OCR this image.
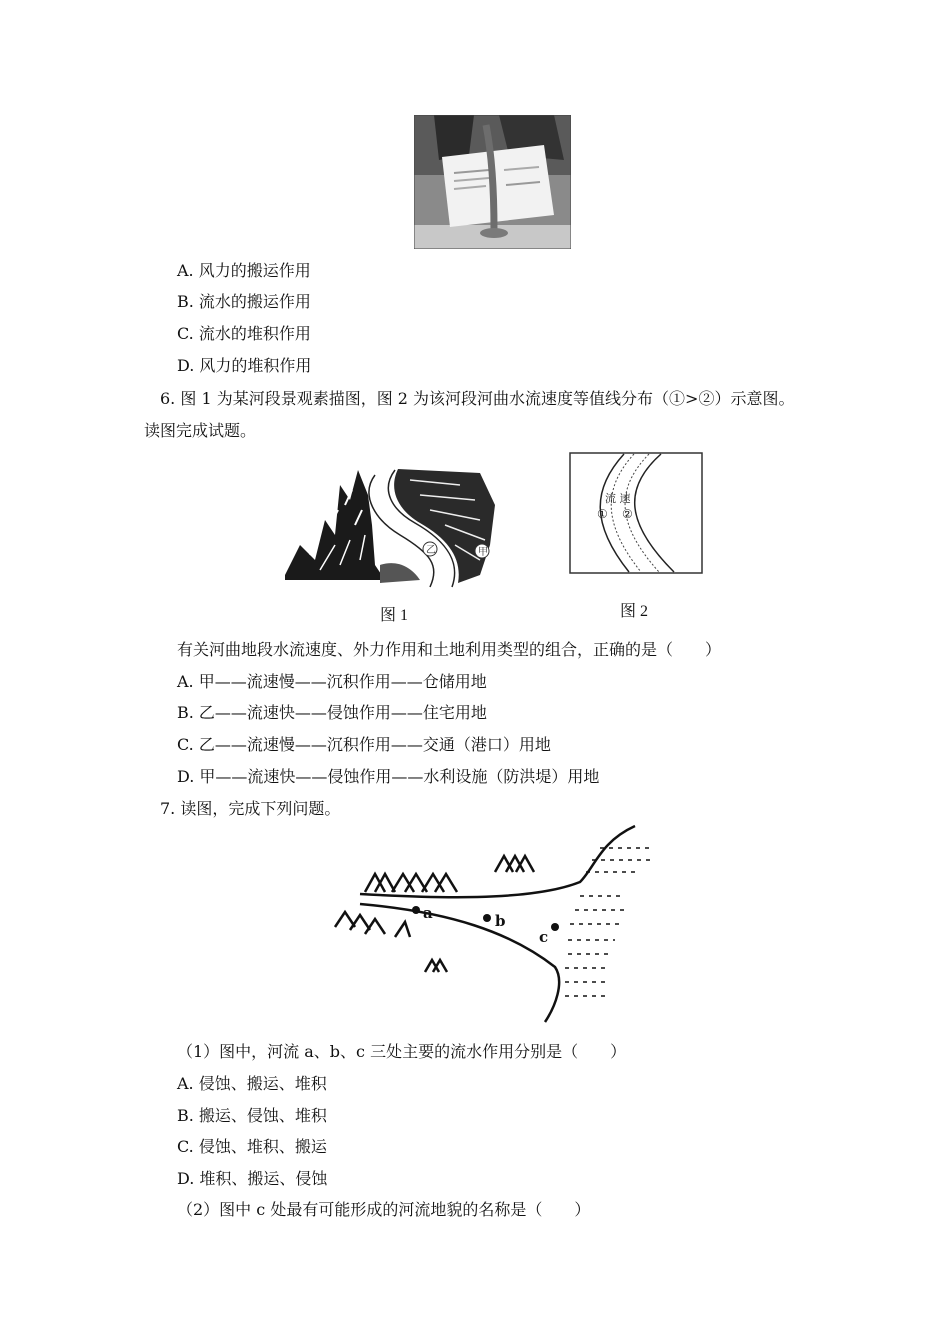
A. 风力的搬运作用
B. 流水的搬运作用
C. 流水的堆积作用
D. 风力的堆积作用
6. 图 1 为某河段景观素描图，图 2 为该河段河曲水流速度等值线分布（①>②）示意图。
读图完成试题。
乙	甲
图 1
流 速
① ②
图 2
有关河曲地段水流速度、外力作用和土地利用类型的组合，正确的是（　　）
A. 甲——流速慢——沉积作用——仓储用地
B. 乙——流速快——侵蚀作用——住宅用地
C. 乙——流速慢——沉积作用——交通（港口）用地
D. 甲——流速快——侵蚀作用——水利设施（防洪堤）用地
7. 读图，完成下列问题。
a	b
c
（1）图中，河流 a、b、c 三处主要的流水作用分别是（　　）
A. 侵蚀、搬运、堆积
B. 搬运、侵蚀、堆积
C. 侵蚀、堆积、搬运
D. 堆积、搬运、侵蚀
（2）图中 c 处最有可能形成的河流地貌的名称是（　　）
